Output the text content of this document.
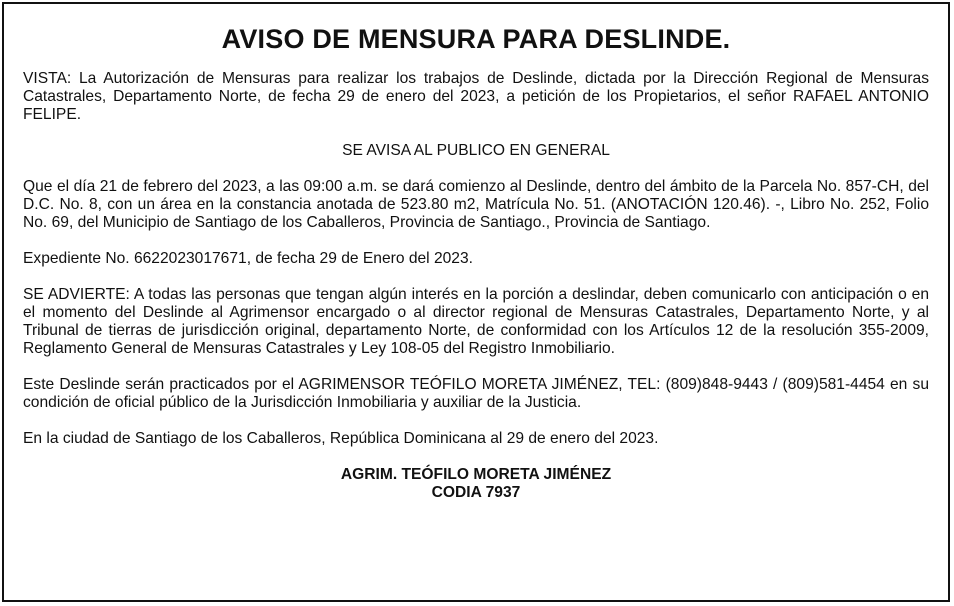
AVISO DE MENSURA PARA DESLINDE.

VISTA: La Autorización de Mensuras para realizar los trabajos de Deslinde, dictada por la Dirección Regional de Mensuras Catastrales, Departamento Norte, de fecha 29 de enero del 2023, a petición de los Propietarios, el señor RAFAEL ANTONIO FELIPE.

SE AVISA AL PUBLICO EN GENERAL

Que el día 21 de febrero del 2023, a las 09:00 a.m. se dará comienzo al Deslinde, dentro del ámbito de la Parcela No. 857-CH, del D.C. No. 8, con un área en la constancia anotada de 523.80 m2, Matrícula No. 51. (ANOTACIÓN 120.46). -, Libro No. 252, Folio No. 69, del Municipio de Santiago de los Caballeros, Provincia de Santiago., Provincia de Santiago.

Expediente No. 6622023017671, de fecha 29 de Enero del 2023.

SE ADVIERTE: A todas las personas que tengan algún interés en la porción a deslindar, deben comunicarlo con anticipación o en el momento del Deslinde al Agrimensor encargado o al director regional de Mensuras Catastrales, Departamento Norte, y al Tribunal de tierras de jurisdicción original, departamento Norte, de conformidad con los Artículos 12 de la resolución 355-2009, Reglamento General de Mensuras Catastrales y Ley 108-05 del Registro Inmobiliario.

Este Deslinde serán practicados por el AGRIMENSOR TEÓFILO MORETA JIMÉNEZ, TEL: (809)848-9443 / (809)581-4454 en su condición de oficial público de la Jurisdicción Inmobiliaria y auxiliar de la Justicia.

En la ciudad de Santiago de los Caballeros, República Dominicana al 29 de enero del 2023.

AGRIM. TEÓFILO MORETA JIMÉNEZ
CODIA 7937
